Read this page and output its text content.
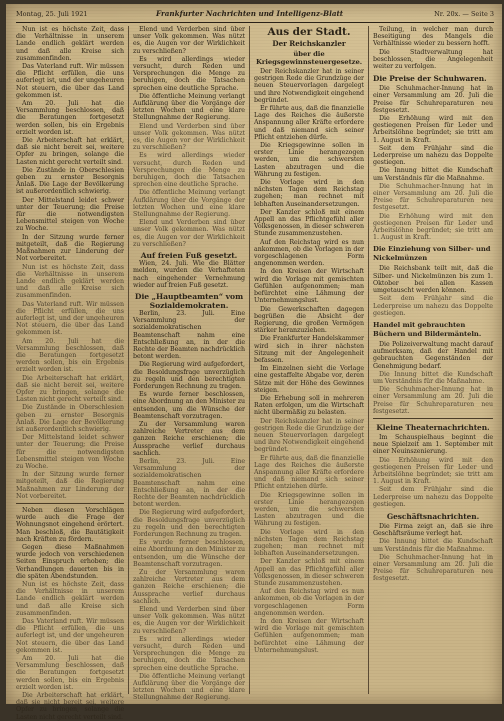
Montag, 25. Juli 1921	Frankfurter Nachrichten und Intelligenz-Blatt	Nr. 20x. — Seite 3

Nun ist es höchste Zeit, dass die Verhältnisse in unserem Lande endlich geklärt werden und daß alle Kreise sich zusammenfinden.

Das Vaterland ruft. Wir müssen die Pflicht erfüllen, die uns auferlegt ist, und der ungeheuren Not steuern, die über das Land gekommen ist.

Am 20. Juli hat die Versammlung beschlossen, daß die Beratungen fortgesetzt werden sollen, bis ein Ergebnis erzielt worden ist.

Die Arbeiterschaft hat erklärt, daß sie nicht bereit sei, weitere Opfer zu bringen, solange die Lasten nicht gerecht verteilt sind.

Die Zustände in Oberschlesien geben zu ernster Besorgnis Anlaß. Die Lage der Bevölkerung ist außerordentlich schwierig.

Der Mittelstand leidet schwer unter der Teuerung; die Preise für die notwendigsten Lebensmittel steigen von Woche zu Woche.

In der Sitzung wurde ferner mitgeteilt, daß die Regierung Maßnahmen zur Linderung der Not vorbereitet.

Nun ist es höchste Zeit, dass die Verhältnisse in unserem Lande endlich geklärt werden und daß alle Kreise sich zusammenfinden.

Das Vaterland ruft. Wir müssen die Pflicht erfüllen, die uns auferlegt ist, und der ungeheuren Not steuern, die über das Land gekommen ist.

Am 20. Juli hat die Versammlung beschlossen, daß die Beratungen fortgesetzt werden sollen, bis ein Ergebnis erzielt worden ist.

Die Arbeiterschaft hat erklärt, daß sie nicht bereit sei, weitere Opfer zu bringen, solange die Lasten nicht gerecht verteilt sind.

Die Zustände in Oberschlesien geben zu ernster Besorgnis Anlaß. Die Lage der Bevölkerung ist außerordentlich schwierig.

Der Mittelstand leidet schwer unter der Teuerung; die Preise für die notwendigsten Lebensmittel steigen von Woche zu Woche.

In der Sitzung wurde ferner mitgeteilt, daß die Regierung Maßnahmen zur Linderung der Not vorbereitet.

Neben diesen Vorschlägen wurde auch die Frage der Wohnungsnot eingehend erörtert. Man beschloß, die Bautätigkeit nach Kräften zu fördern.

Gegen diese Maßnahmen wurde jedoch von verschiedenen Seiten Einspruch erhoben; die Verhandlungen dauerten bis in die späten Abendstunden.

Nun ist es höchste Zeit, dass die Verhältnisse in unserem Lande endlich geklärt werden und daß alle Kreise sich zusammenfinden.

Das Vaterland ruft. Wir müssen die Pflicht erfüllen, die uns auferlegt ist, und der ungeheuren Not steuern, die über das Land gekommen ist.

Am 20. Juli hat die Versammlung beschlossen, daß die Beratungen fortgesetzt werden sollen, bis ein Ergebnis erzielt worden ist.

Die Arbeiterschaft hat erklärt, daß sie nicht bereit sei, weitere Opfer zu bringen, solange die Lasten nicht gerecht verteilt sind.

Elend und Verderben sind über unser Volk gekommen. Was nützt es, die Augen vor der Wirklichkeit zu verschließen?

Es wird allerdings wieder versucht, durch Reden und Versprechungen die Menge zu beruhigen, doch die Tatsachen sprechen eine deutliche Sprache.

Die öffentliche Meinung verlangt Aufklärung über die Vorgänge der letzten Wochen und eine klare Stellungnahme der Regierung.

Elend und Verderben sind über unser Volk gekommen. Was nützt es, die Augen vor der Wirklichkeit zu verschließen?

Es wird allerdings wieder versucht, durch Reden und Versprechungen die Menge zu beruhigen, doch die Tatsachen sprechen eine deutliche Sprache.

Die öffentliche Meinung verlangt Aufklärung über die Vorgänge der letzten Wochen und eine klare Stellungnahme der Regierung.

Elend und Verderben sind über unser Volk gekommen. Was nützt es, die Augen vor der Wirklichkeit zu verschließen?

Auf freien Fuß gesetzt.

Wien, 24. Juli. Wie die Blätter melden, wurden die Verhafteten nach eingehender Vernehmung wieder auf freien Fuß gesetzt.

Die „Hauptbeamten“ vom Sozialdemokraten.

Berlin, 23. Juli. Eine Versammlung der sozialdemokratischen Beamtenschaft nahm eine Entschließung an, in der die Rechte der Beamten nachdrücklich betont werden.

Die Regierung wird aufgefordert, die Besoldungsfrage unverzüglich zu regeln und den berechtigten Forderungen Rechnung zu tragen.

Es wurde ferner beschlossen, eine Abordnung an den Minister zu entsenden, um die Wünsche der Beamtenschaft vorzutragen.

Zu der Versammlung waren zahlreiche Vertreter aus dem ganzen Reiche erschienen; die Aussprache verlief durchaus sachlich.

Berlin, 23. Juli. Eine Versammlung der sozialdemokratischen Beamtenschaft nahm eine Entschließung an, in der die Rechte der Beamten nachdrücklich betont werden.

Die Regierung wird aufgefordert, die Besoldungsfrage unverzüglich zu regeln und den berechtigten Forderungen Rechnung zu tragen.

Es wurde ferner beschlossen, eine Abordnung an den Minister zu entsenden, um die Wünsche der Beamtenschaft vorzutragen.

Zu der Versammlung waren zahlreiche Vertreter aus dem ganzen Reiche erschienen; die Aussprache verlief durchaus sachlich.

Elend und Verderben sind über unser Volk gekommen. Was nützt es, die Augen vor der Wirklichkeit zu verschließen?

Es wird allerdings wieder versucht, durch Reden und Versprechungen die Menge zu beruhigen, doch die Tatsachen sprechen eine deutliche Sprache.

Die öffentliche Meinung verlangt Aufklärung über die Vorgänge der letzten Wochen und eine klare Stellungnahme der Regierung.

Aus der Stadt.
Der Reichskanzler
über die Kriegsgewinnsteuergesetze.

Der Reichskanzler hat in seiner gestrigen Rede die Grundzüge der neuen Steuervorlagen dargelegt und ihre Notwendigkeit eingehend begründet.

Er führte aus, daß die finanzielle Lage des Reiches die äußerste Anspannung aller Kräfte erfordere und daß niemand sich seiner Pflicht entziehen dürfe.

Die Kriegsgewinne sollen in erster Linie herangezogen werden, um die schwersten Lasten abzutragen und die Währung zu festigen.

Die Vorlage wird in den nächsten Tagen dem Reichstag zugehen; man rechnet mit lebhaften Auseinandersetzungen.

Der Kanzler schloß mit einem Appell an das Pflichtgefühl aller Volksgenossen, in dieser schweren Stunde zusammenzustehen.

Auf den Reichstag wird es nun ankommen, ob die Vorlagen in der vorgeschlagenen Form angenommen werden.

In den Kreisen der Wirtschaft wird die Vorlage mit gemischten Gefühlen aufgenommen; man befürchtet eine Lähmung der Unternehmungslust.

Die Gewerkschaften dagegen begrüßen die Absicht der Regierung, die großen Vermögen stärker heranzuziehen.

Die Frankfurter Handelskammer wird sich in ihrer nächsten Sitzung mit der Angelegenheit befassen.

Im Einzelnen sieht die Vorlage eine gestaffelte Abgabe vor, deren Sätze mit der Höhe des Gewinnes steigen.

Die Erhebung soll in mehreren Raten erfolgen, um die Wirtschaft nicht übermäßig zu belasten.

Der Reichskanzler hat in seiner gestrigen Rede die Grundzüge der neuen Steuervorlagen dargelegt und ihre Notwendigkeit eingehend begründet.

Er führte aus, daß die finanzielle Lage des Reiches die äußerste Anspannung aller Kräfte erfordere und daß niemand sich seiner Pflicht entziehen dürfe.

Die Kriegsgewinne sollen in erster Linie herangezogen werden, um die schwersten Lasten abzutragen und die Währung zu festigen.

Die Vorlage wird in den nächsten Tagen dem Reichstag zugehen; man rechnet mit lebhaften Auseinandersetzungen.

Der Kanzler schloß mit einem Appell an das Pflichtgefühl aller Volksgenossen, in dieser schweren Stunde zusammenzustehen.

Auf den Reichstag wird es nun ankommen, ob die Vorlagen in der vorgeschlagenen Form angenommen werden.

In den Kreisen der Wirtschaft wird die Vorlage mit gemischten Gefühlen aufgenommen; man befürchtet eine Lähmung der Unternehmungslust.

Teilung, in welcher man durch Beseitigung des Mangels die Verhältnisse wieder zu bessern hofft.

Die Stadtverwaltung hat beschlossen, die Angelegenheit weiter zu verfolgen.

Die Preise der Schuhwaren.

Die Schuhmacher-Innung hat in einer Versammlung am 20. Juli die Preise für Schuhreparaturen neu festgesetzt.

Die Erhöhung wird mit den gestiegenen Preisen für Leder und Arbeitslöhne begründet; sie tritt am 1. August in Kraft.

Seit dem Frühjahr sind die Lederpreise um nahezu das Doppelte gestiegen.

Die Innung bittet die Kundschaft um Verständnis für die Maßnahme.

Die Schuhmacher-Innung hat in einer Versammlung am 20. Juli die Preise für Schuhreparaturen neu festgesetzt.

Die Erhöhung wird mit den gestiegenen Preisen für Leder und Arbeitslöhne begründet; sie tritt am 1. August in Kraft.

Die Einziehung von Silber- und Nickelmünzen

Die Reichsbank teilt mit, daß die Silber- und Nickelmünzen bis zum 1. Oktober bei allen Kassen umgetauscht werden können.

Seit dem Frühjahr sind die Lederpreise um nahezu das Doppelte gestiegen.

Handel mit gebrauchten Büchern und Bildermänteln.

Die Polizeiverwaltung macht darauf aufmerksam, daß der Handel mit gebrauchten Gegenständen der Genehmigung bedarf.

Die Innung bittet die Kundschaft um Verständnis für die Maßnahme.

Die Schuhmacher-Innung hat in einer Versammlung am 20. Juli die Preise für Schuhreparaturen neu festgesetzt.

Kleine Theaternachrichten.

Im Schauspielhaus beginnt die neue Spielzeit am 1. September mit einer Neuinszenierung.

Die Erhöhung wird mit den gestiegenen Preisen für Leder und Arbeitslöhne begründet; sie tritt am 1. August in Kraft.

Seit dem Frühjahr sind die Lederpreise um nahezu das Doppelte gestiegen.

Geschäftsnachrichten.

Die Firma zeigt an, daß sie ihre Geschäftsräume verlegt hat.

Die Innung bittet die Kundschaft um Verständnis für die Maßnahme.

Die Schuhmacher-Innung hat in einer Versammlung am 20. Juli die Preise für Schuhreparaturen neu festgesetzt.
